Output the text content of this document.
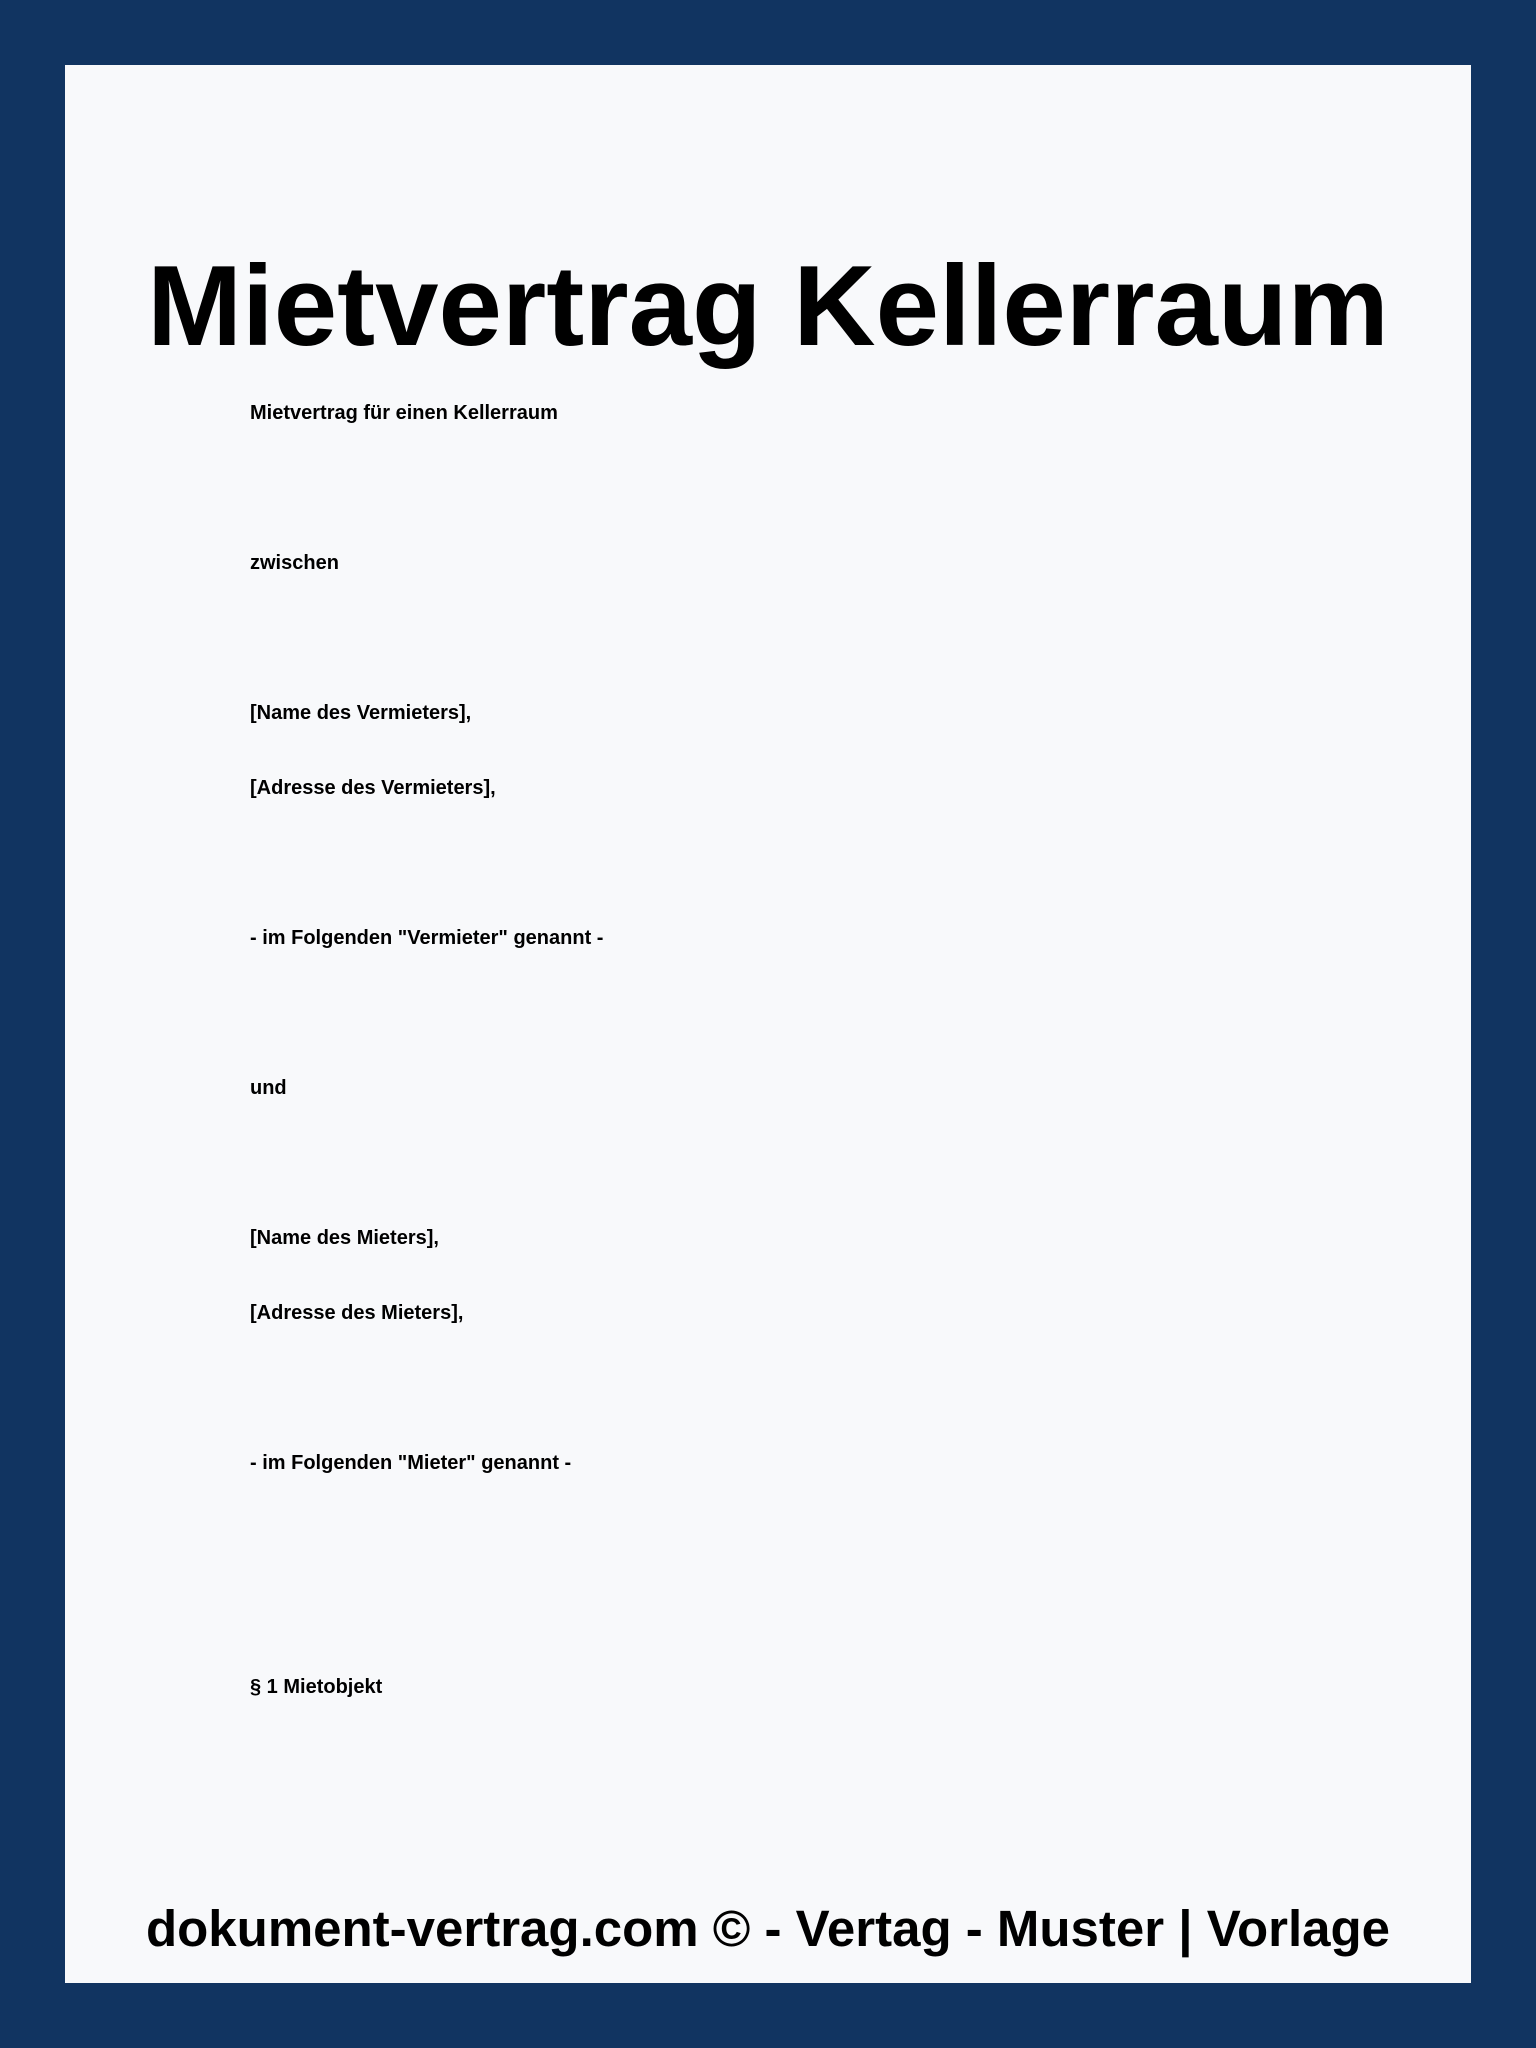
Mietvertrag Kellerraum
Mietvertrag für einen Kellerraum
zwischen
[Name des Vermieters],
[Adresse des Vermieters],
- im Folgenden "Vermieter" genannt -
und
[Name des Mieters],
[Adresse des Mieters],
- im Folgenden "Mieter" genannt -
§ 1 Mietobjekt
dokument-vertrag.com © - Vertag - Muster | Vorlage
